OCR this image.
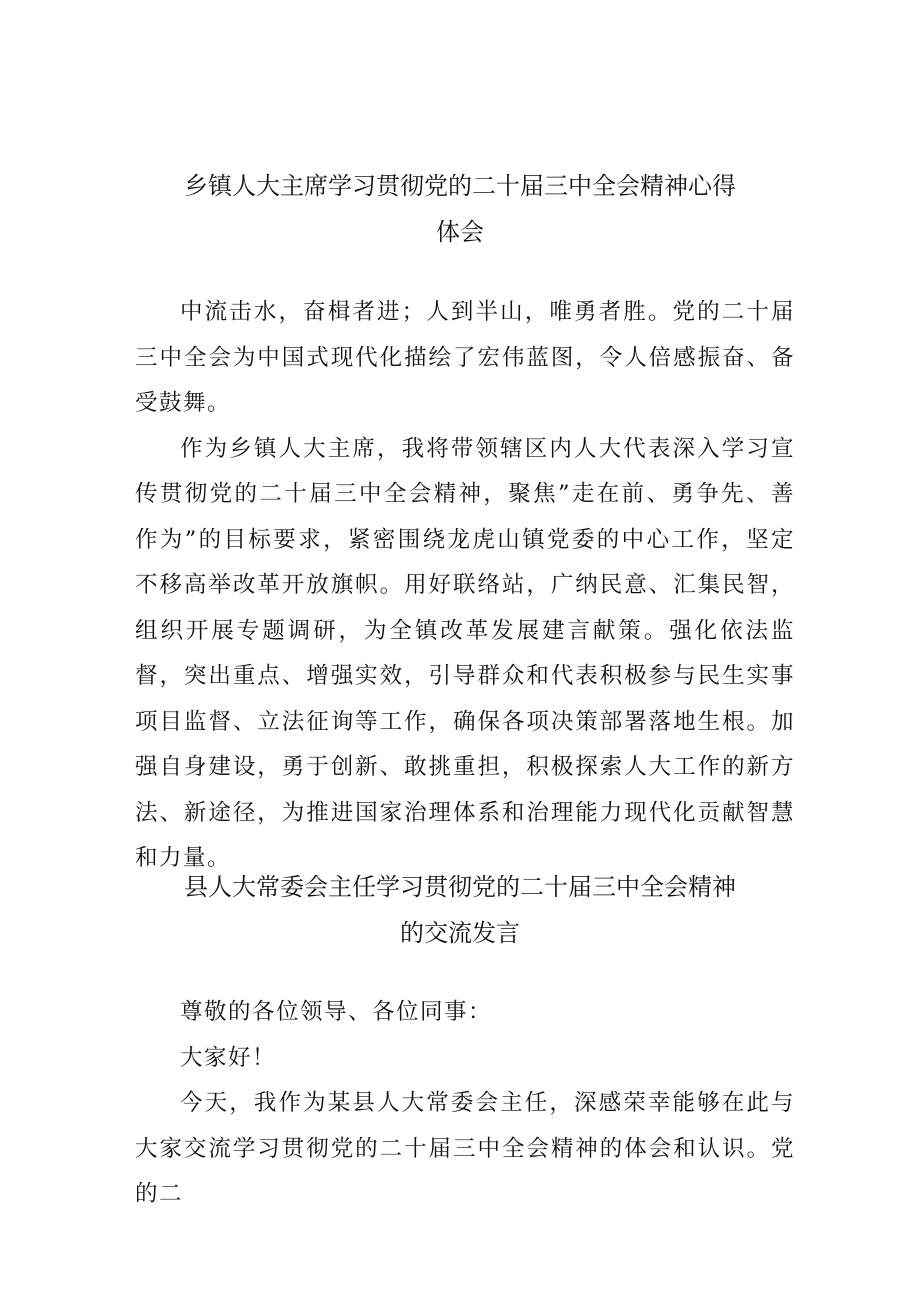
乡镇人大主席学习贯彻党的二十届三中全会精神心得
体会

中流击水，奋楫者进；人到半山，唯勇者胜。党的二十届三中全会为中国式现代化描绘了宏伟蓝图，令人倍感振奋、备受鼓舞。

作为乡镇人大主席，我将带领辖区内人大代表深入学习宣传贯彻党的二十届三中全会精神，聚焦”走在前、勇争先、善作为”的目标要求，紧密围绕龙虎山镇党委的中心工作，坚定不移高举改革开放旗帜。用好联络站，广纳民意、汇集民智，组织开展专题调研，为全镇改革发展建言献策。强化依法监督，突出重点、增强实效，引导群众和代表积极参与民生实事项目监督、立法征询等工作，确保各项决策部署落地生根。加强自身建设，勇于创新、敢挑重担，积极探索人大工作的新方法、新途径，为推进国家治理体系和治理能力现代化贡献智慧和力量。

县人大常委会主任学习贯彻党的二十届三中全会精神
的交流发言

尊敬的各位领导、各位同事：

大家好！

今天，我作为某县人大常委会主任，深感荣幸能够在此与大家交流学习贯彻党的二十届三中全会精神的体会和认识。党的二
